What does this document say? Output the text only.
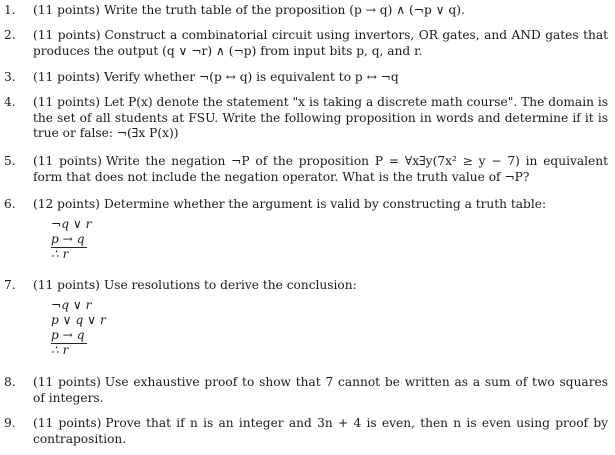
1.	(11 points) Write the truth table of the proposition (p → q) ∧ (¬p ∨ q).
2.	(11 points) Construct a combinatorial circuit using invertors, OR gates, and AND gates that produces the output (q ∨ ¬r) ∧ (¬p) from input bits p, q, and r.
3.	(11 points) Verify whether ¬(p ↔ q) is equivalent to p ↔ ¬q
4.	(11 points) Let P(x) denote the statement "x is taking a discrete math course". The domain is the set of all students at FSU. Write the following proposition in words and determine if it is true or false: ¬(∃x P(x))
5.	(11 points) Write the negation ¬P of the proposition P = ∀x∃y(7x² ≥ y − 7) in equivalent form that does not include the negation operator. What is the truth value of ¬P?
6.	(12 points) Determine whether the argument is valid by constructing a truth table:
¬q ∨ r
p → q
∴ r
7.	(11 points) Use resolutions to derive the conclusion:
¬q ∨ r
p ∨ q ∨ r
p → q
∴ r
8.	(11 points) Use exhaustive proof to show that 7 cannot be written as a sum of two squares of integers.
9.	(11 points) Prove that if n is an integer and 3n + 4 is even, then n is even using proof by contraposition.
